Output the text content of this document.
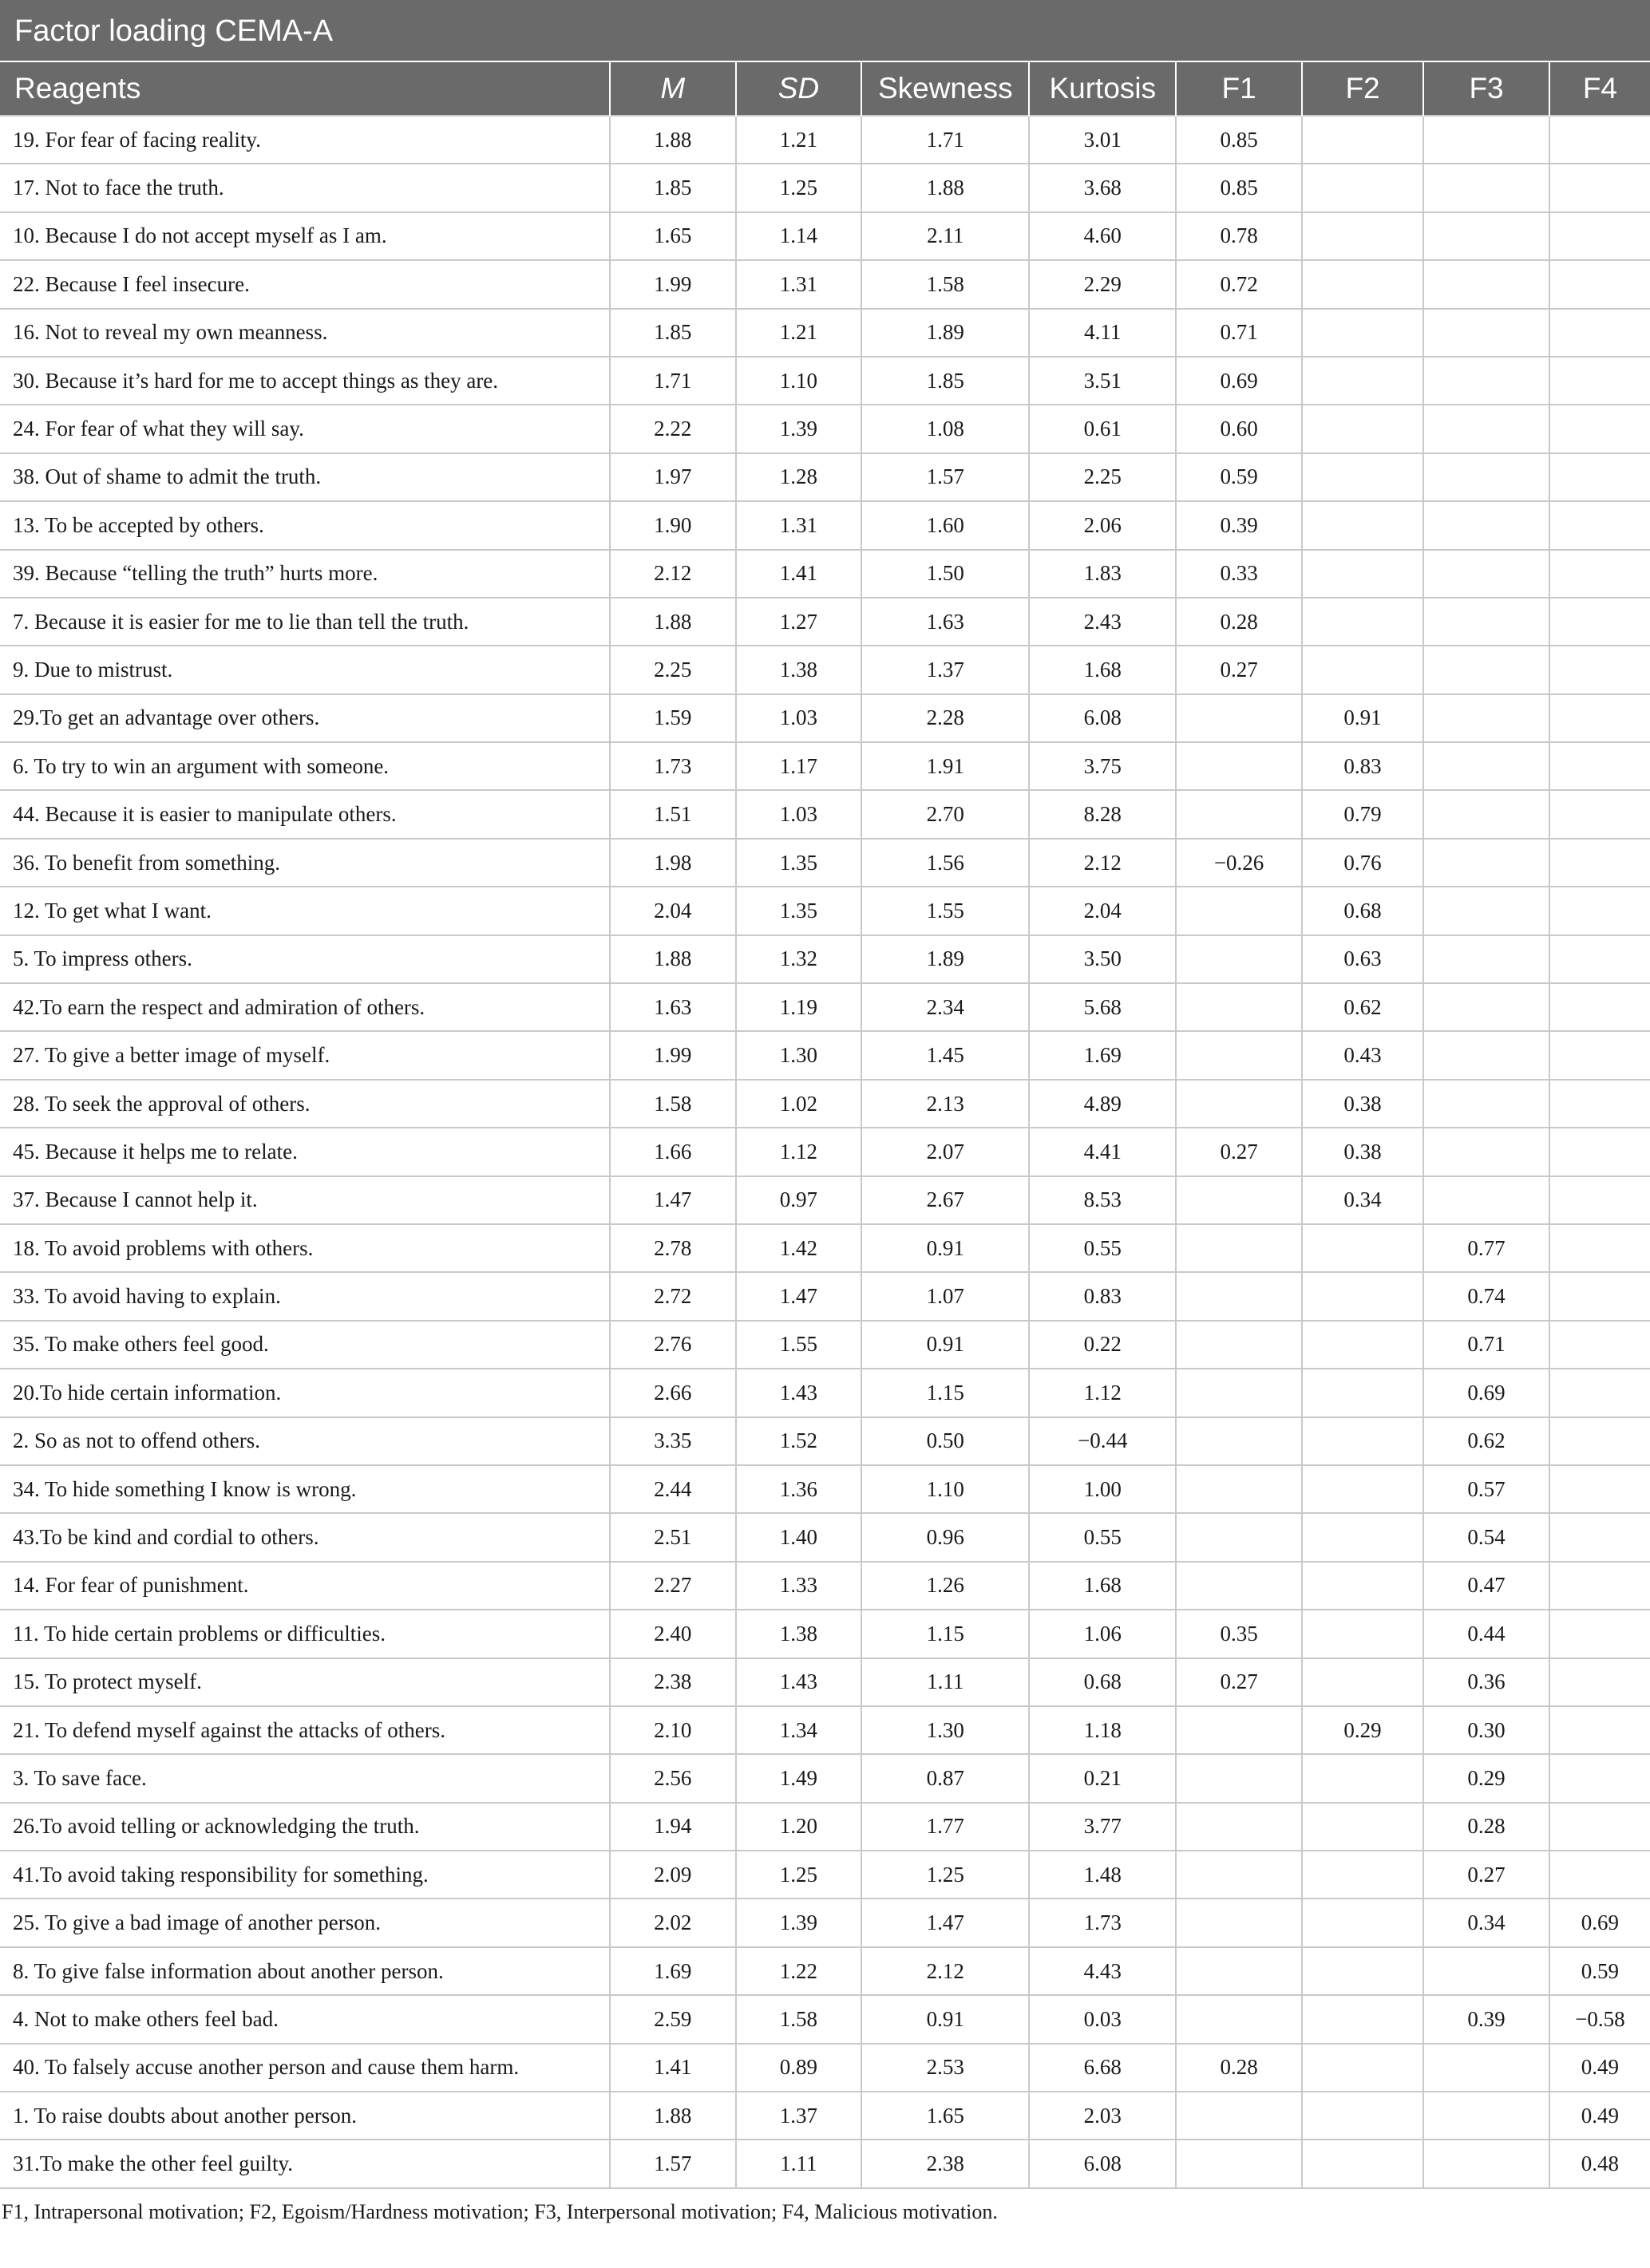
Factor loading CEMA-A
Reagents	M	SD	Skewness	Kurtosis	F1	F2	F3	F4
19. For fear of facing reality.	1.88	1.21	1.71	3.01	0.85			
17. Not to face the truth.	1.85	1.25	1.88	3.68	0.85			
10. Because I do not accept myself as I am.	1.65	1.14	2.11	4.60	0.78			
22. Because I feel insecure.	1.99	1.31	1.58	2.29	0.72			
16. Not to reveal my own meanness.	1.85	1.21	1.89	4.11	0.71			
30. Because it’s hard for me to accept things as they are.	1.71	1.10	1.85	3.51	0.69			
24. For fear of what they will say.	2.22	1.39	1.08	0.61	0.60			
38. Out of shame to admit the truth.	1.97	1.28	1.57	2.25	0.59			
13. To be accepted by others.	1.90	1.31	1.60	2.06	0.39			
39. Because “telling the truth” hurts more.	2.12	1.41	1.50	1.83	0.33			
7. Because it is easier for me to lie than tell the truth.	1.88	1.27	1.63	2.43	0.28			
9. Due to mistrust.	2.25	1.38	1.37	1.68	0.27			
29.To get an advantage over others.	1.59	1.03	2.28	6.08		0.91		
6. To try to win an argument with someone.	1.73	1.17	1.91	3.75		0.83		
44. Because it is easier to manipulate others.	1.51	1.03	2.70	8.28		0.79		
36. To benefit from something.	1.98	1.35	1.56	2.12	−0.26	0.76		
12. To get what I want.	2.04	1.35	1.55	2.04		0.68		
5. To impress others.	1.88	1.32	1.89	3.50		0.63		
42.To earn the respect and admiration of others.	1.63	1.19	2.34	5.68		0.62		
27. To give a better image of myself.	1.99	1.30	1.45	1.69		0.43		
28. To seek the approval of others.	1.58	1.02	2.13	4.89		0.38		
45. Because it helps me to relate.	1.66	1.12	2.07	4.41	0.27	0.38		
37. Because I cannot help it.	1.47	0.97	2.67	8.53		0.34		
18. To avoid problems with others.	2.78	1.42	0.91	0.55			0.77	
33. To avoid having to explain.	2.72	1.47	1.07	0.83			0.74	
35. To make others feel good.	2.76	1.55	0.91	0.22			0.71	
20.To hide certain information.	2.66	1.43	1.15	1.12			0.69	
2. So as not to offend others.	3.35	1.52	0.50	−0.44			0.62	
34. To hide something I know is wrong.	2.44	1.36	1.10	1.00			0.57	
43.To be kind and cordial to others.	2.51	1.40	0.96	0.55			0.54	
14. For fear of punishment.	2.27	1.33	1.26	1.68			0.47	
11. To hide certain problems or difficulties.	2.40	1.38	1.15	1.06	0.35		0.44	
15. To protect myself.	2.38	1.43	1.11	0.68	0.27		0.36	
21. To defend myself against the attacks of others.	2.10	1.34	1.30	1.18		0.29	0.30	
3. To save face.	2.56	1.49	0.87	0.21			0.29	
26.To avoid telling or acknowledging the truth.	1.94	1.20	1.77	3.77			0.28	
41.To avoid taking responsibility for something.	2.09	1.25	1.25	1.48			0.27	
25. To give a bad image of another person.	2.02	1.39	1.47	1.73			0.34	0.69
8. To give false information about another person.	1.69	1.22	2.12	4.43				0.59
4. Not to make others feel bad.	2.59	1.58	0.91	0.03			0.39	−0.58
40. To falsely accuse another person and cause them harm.	1.41	0.89	2.53	6.68	0.28			0.49
1. To raise doubts about another person.	1.88	1.37	1.65	2.03				0.49
31.To make the other feel guilty.	1.57	1.11	2.38	6.08				0.48
F1, Intrapersonal motivation; F2, Egoism/Hardness motivation; F3, Interpersonal motivation; F4, Malicious motivation.
